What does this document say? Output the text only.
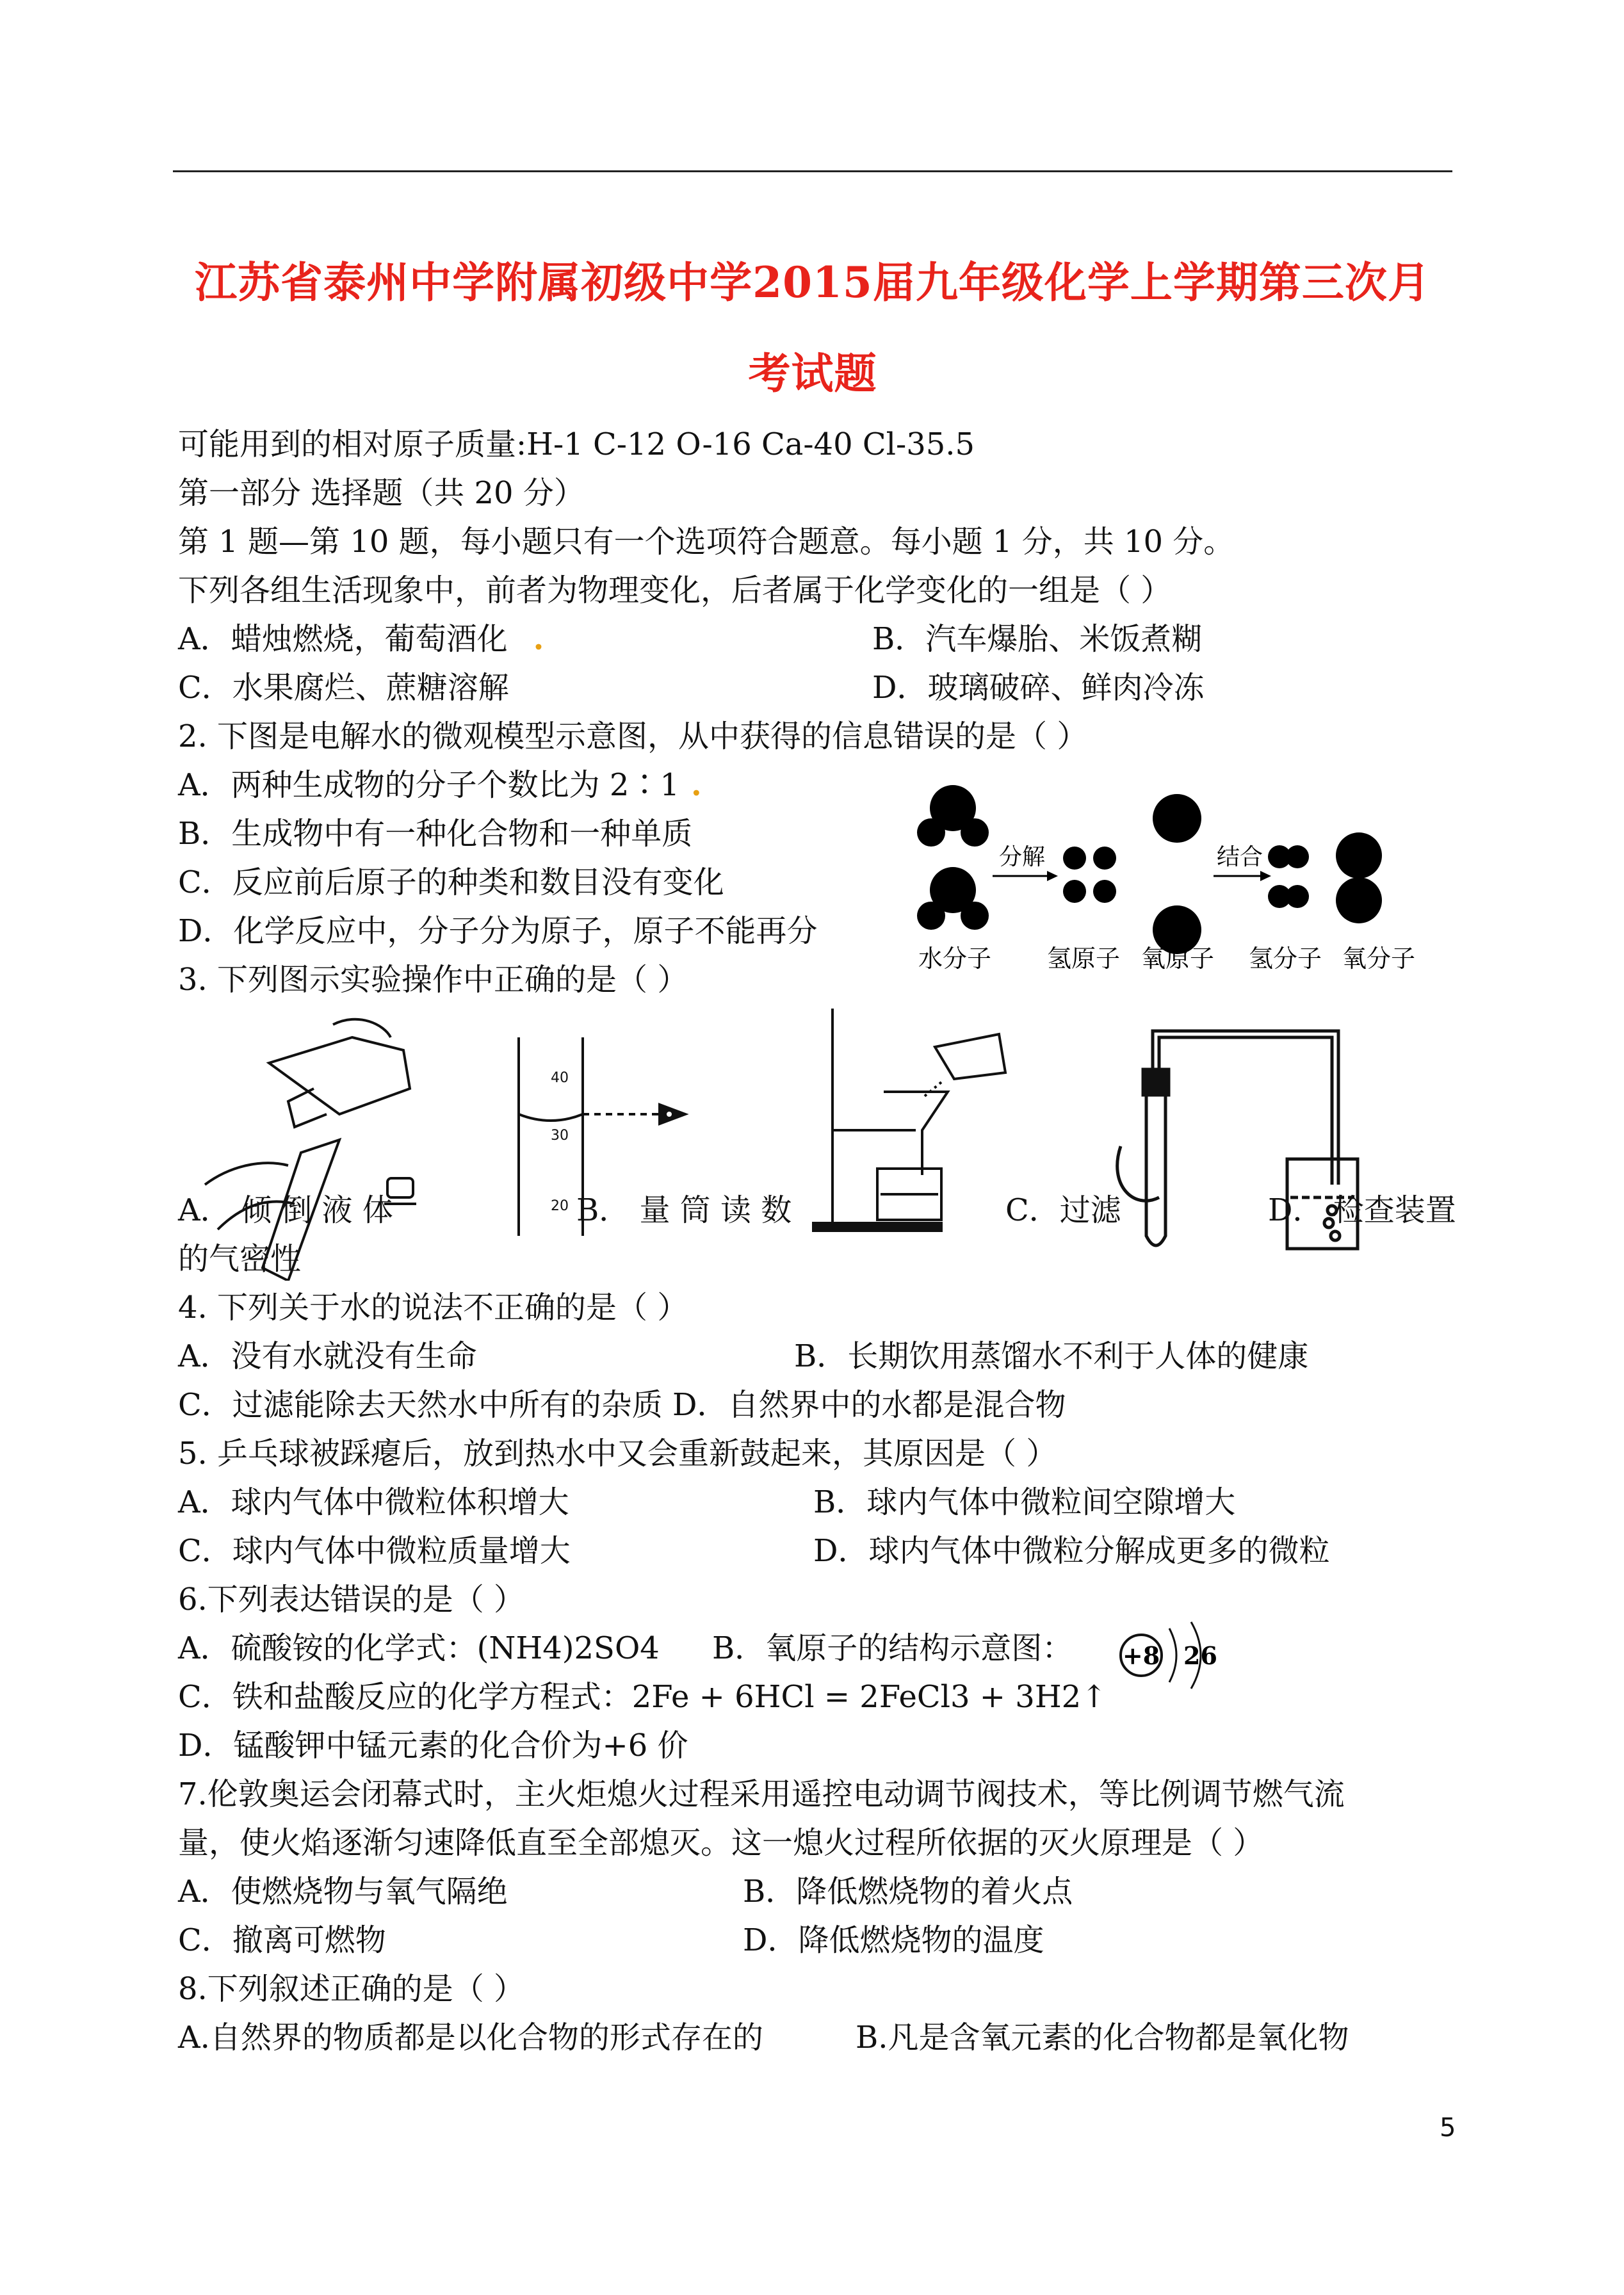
江苏省泰州中学附属初级中学2015届九年级化学上学期第三次月
考试题
可能用到的相对原子质量:H-1 C-12 O-16 Ca-40 Cl-35.5
第一部分 选择题（共 20 分）
第 1 题—第 10 题，每小题只有一个选项符合题意。每小题 1 分，共 10 分。
下列各组生活现象中，前者为物理变化，后者属于化学变化的一组是（ ）
A．蜡烛燃烧，葡萄酒化 .	B．汽车爆胎、米饭煮糊
C．水果腐烂、蔗糖溶解	D．玻璃破碎、鲜肉冷冻
2. 下图是电解水的微观模型示意图，从中获得的信息错误的是（ ）
A．两种生成物的分子个数比为 2∶1 .
B．生成物中有一种化合物和一种单质
C．反应前后原子的种类和数目没有变化
D．化学反应中，分子分为原子，原子不能再分
分解	结合
水分子 氢原子 氧原子 氢分子 氧分子
3. 下列图示实验操作中正确的是（ ）
40
30
20
A． 倾 倒 液 体	B． 量 筒 读 数	C．过滤	D． 检查装置
的气密性
4. 下列关于水的说法不正确的是（ ）
A．没有水就没有生命	B．长期饮用蒸馏水不利于人体的健康
C．过滤能除去天然水中所有的杂质 D．自然界中的水都是混合物
5. 乒乓球被踩瘪后，放到热水中又会重新鼓起来，其原因是（ ）
A．球内气体中微粒体积增大	B．球内气体中微粒间空隙增大
C．球内气体中微粒质量增大	D．球内气体中微粒分解成更多的微粒
6.下列表达错误的是（ ）
A．硫酸铵的化学式：(NH4)2SO4 B．氧原子的结构示意图： +8 26
C．铁和盐酸反应的化学方程式：2Fe + 6HCl = 2FeCl3 + 3H2↑
D．锰酸钾中锰元素的化合价为+6 价
7.伦敦奥运会闭幕式时，主火炬熄火过程采用遥控电动调节阀技术，等比例调节燃气流
量，使火焰逐渐匀速降低直至全部熄灭。这一熄火过程所依据的灭火原理是（ ）
A．使燃烧物与氧气隔绝	B．降低燃烧物的着火点
C．撤离可燃物	D．降低燃烧物的温度
8.下列叙述正确的是（ ）
A.自然界的物质都是以化合物的形式存在的	B.凡是含氧元素的化合物都是氧化物
5
